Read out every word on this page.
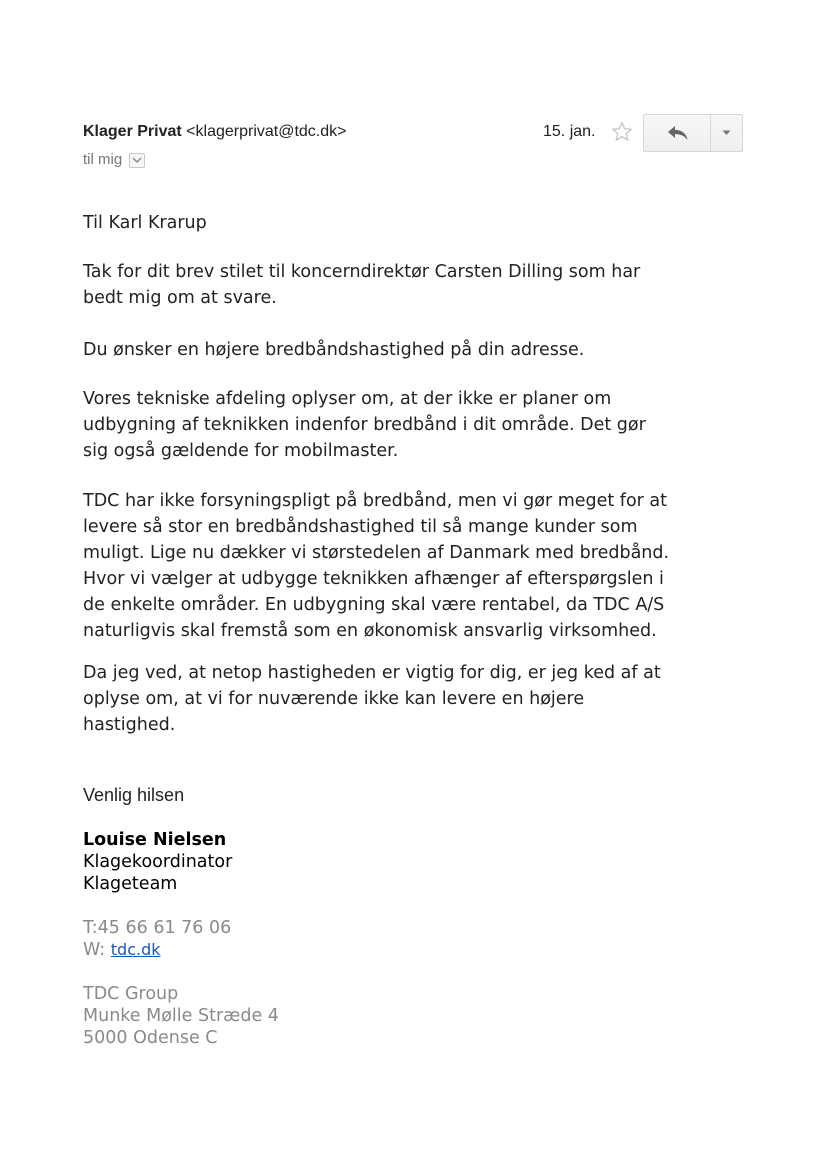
Klager Privat <klagerprivat@tdc.dk>
til mig
15. jan.

Til Karl Krarup

Tak for dit brev stilet til koncerndirektør Carsten Dilling som har
bedt mig om at svare.

Du ønsker en højere bredbåndshastighed på din adresse.

Vores tekniske afdeling oplyser om, at der ikke er planer om
udbygning af teknikken indenfor bredbånd i dit område. Det gør
sig også gældende for mobilmaster.

TDC har ikke forsyningspligt på bredbånd, men vi gør meget for at
levere så stor en bredbåndshastighed til så mange kunder som
muligt. Lige nu dækker vi størstedelen af Danmark med bredbånd.
Hvor vi vælger at udbygge teknikken afhænger af efterspørgslen i
de enkelte områder. En udbygning skal være rentabel, da TDC A/S
naturligvis skal fremstå som en økonomisk ansvarlig virksomhed.

Da jeg ved, at netop hastigheden er vigtig for dig, er jeg ked af at
oplyse om, at vi for nuværende ikke kan levere en højere
hastighed.

Venlig hilsen
Louise Nielsen
Klagekoordinator
Klageteam
T:45 66 61 76 06
W: tdc.dk
TDC Group
Munke Mølle Stræde 4
5000 Odense C
